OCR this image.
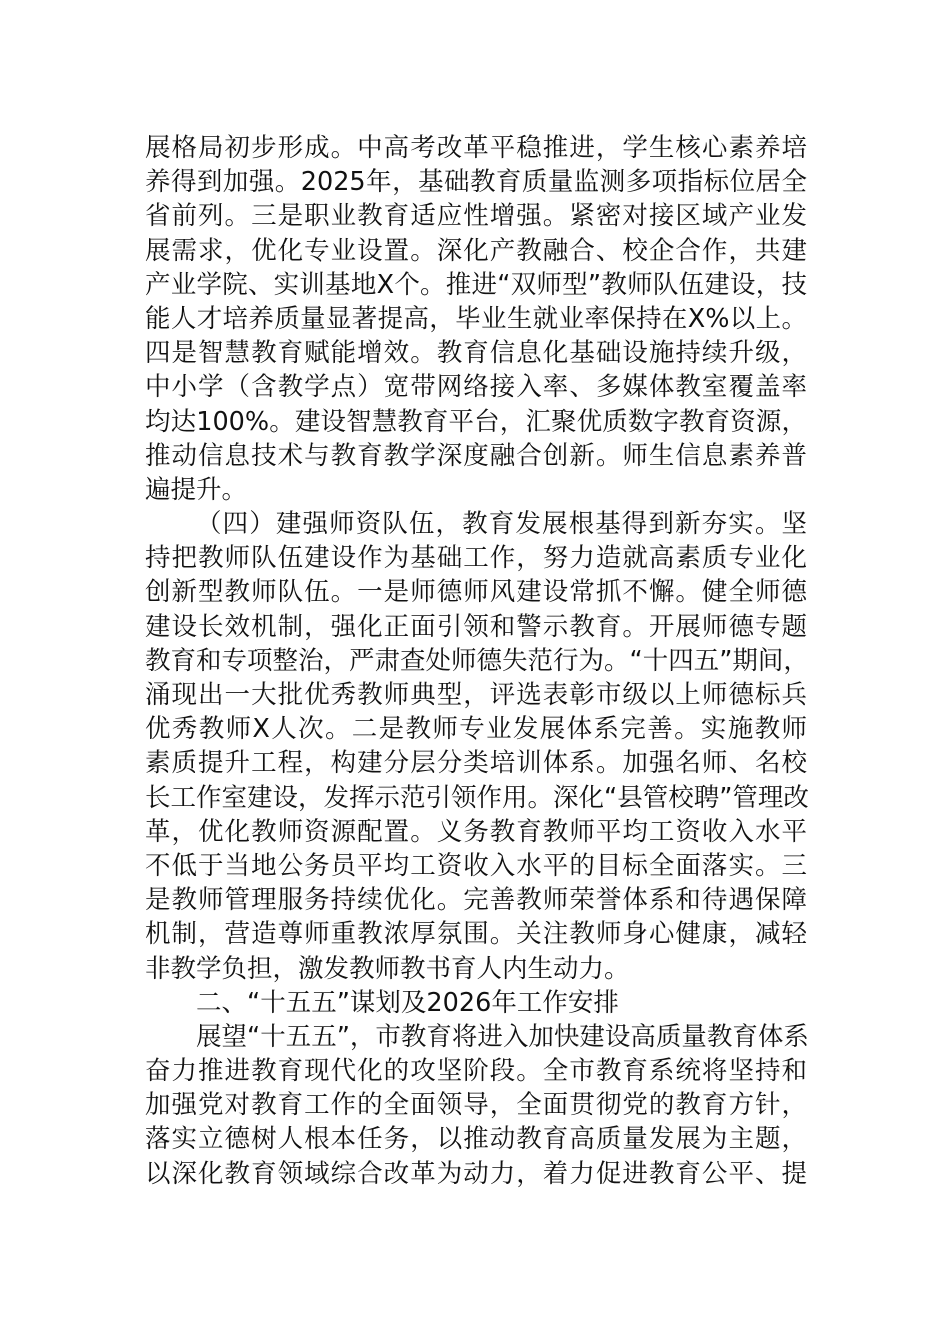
展格局初步形成。中高考改革平稳推进，学生核心素养培
养得到加强。2025年，基础教育质量监测多项指标位居全
省前列。三是职业教育适应性增强。紧密对接区域产业发
展需求，优化专业设置。深化产教融合、校企合作，共建
产业学院、实训基地X个。推进“双师型”教师队伍建设，技
能人才培养质量显著提高，毕业生就业率保持在X%以上。
四是智慧教育赋能增效。教育信息化基础设施持续升级，
中小学（含教学点）宽带网络接入率、多媒体教室覆盖率
均达100%。建设智慧教育平台，汇聚优质数字教育资源，
推动信息技术与教育教学深度融合创新。师生信息素养普
遍提升。
（四）建强师资队伍，教育发展根基得到新夯实。坚
持把教师队伍建设作为基础工作，努力造就高素质专业化
创新型教师队伍。一是师德师风建设常抓不懈。健全师德
建设长效机制，强化正面引领和警示教育。开展师德专题
教育和专项整治，严肃查处师德失范行为。“十四五”期间，
涌现出一大批优秀教师典型，评选表彰市级以上师德标兵
优秀教师X人次。二是教师专业发展体系完善。实施教师
素质提升工程，构建分层分类培训体系。加强名师、名校
长工作室建设，发挥示范引领作用。深化“县管校聘”管理改
革，优化教师资源配置。义务教育教师平均工资收入水平
不低于当地公务员平均工资收入水平的目标全面落实。三
是教师管理服务持续优化。完善教师荣誉体系和待遇保障
机制，营造尊师重教浓厚氛围。关注教师身心健康，减轻
非教学负担，激发教师教书育人内生动力。
二、“十五五”谋划及2026年工作安排
展望“十五五”，市教育将进入加快建设高质量教育体系
奋力推进教育现代化的攻坚阶段。全市教育系统将坚持和
加强党对教育工作的全面领导，全面贯彻党的教育方针，
落实立德树人根本任务，以推动教育高质量发展为主题，
以深化教育领域综合改革为动力，着力促进教育公平、提
